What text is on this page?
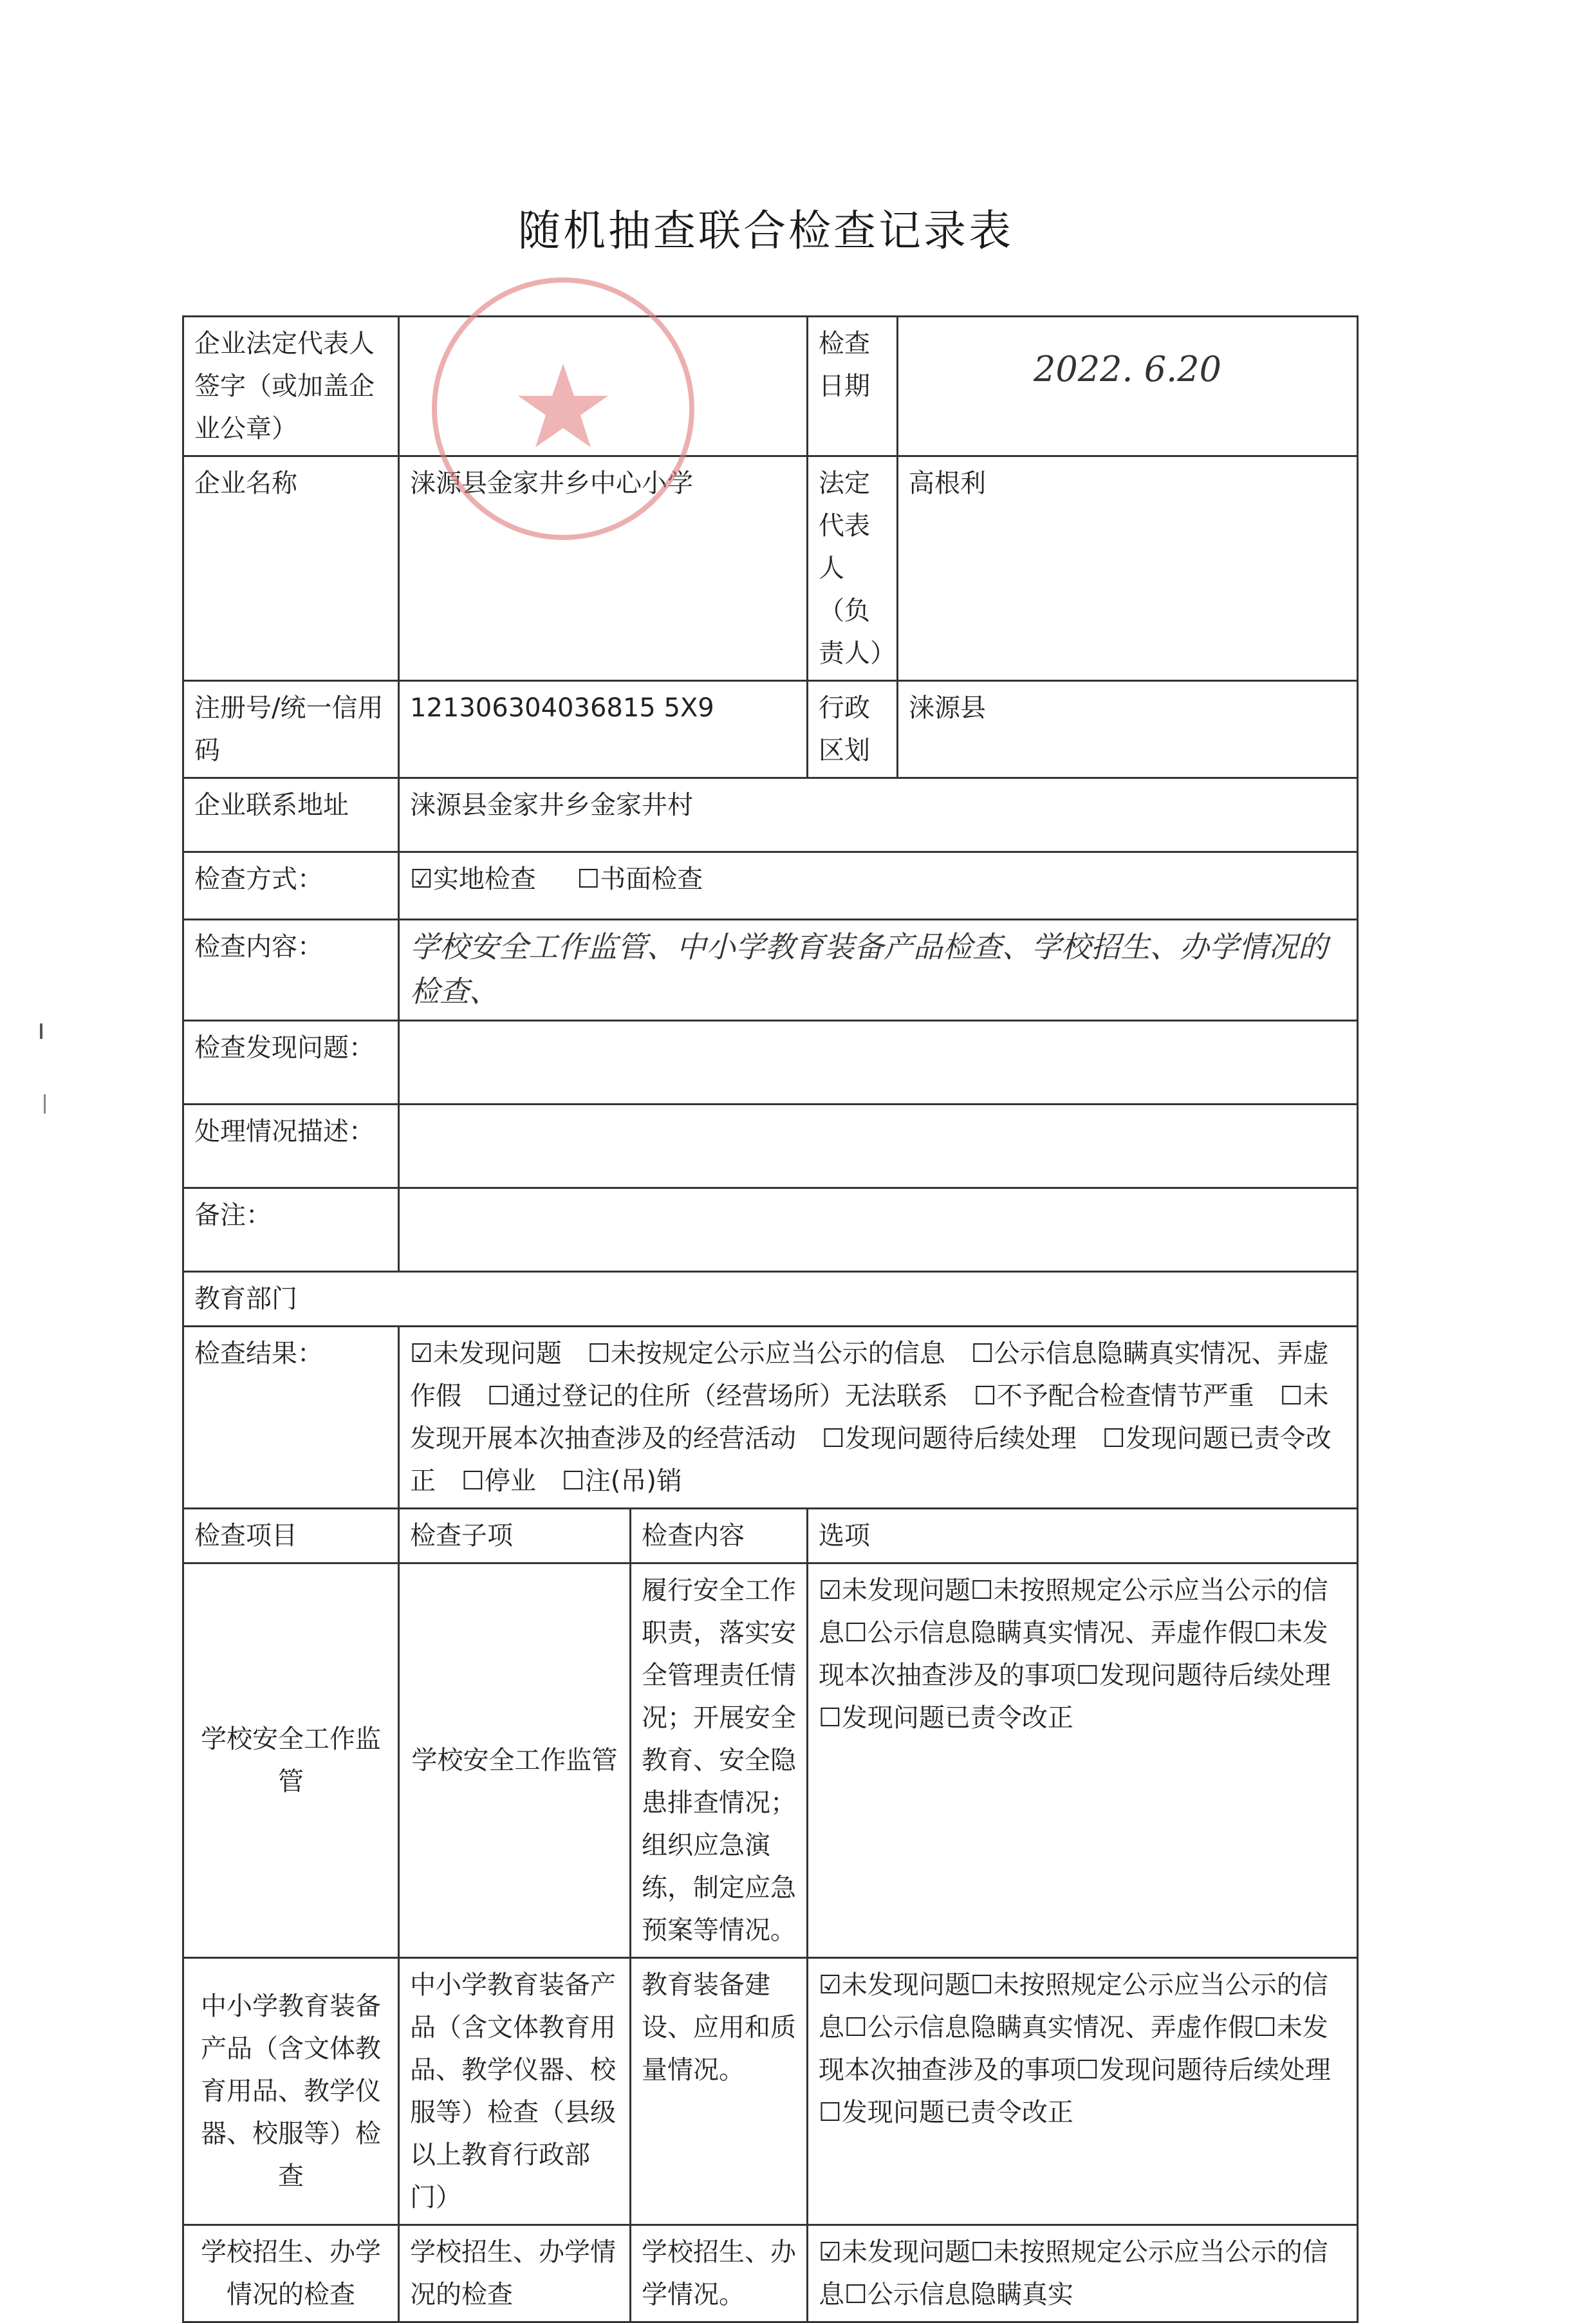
随机抽查联合检查记录表
企业法定代表人签字（或加盖企业公章）			检查日期	2022. 6.20

企业名称	涞源县金家井乡中心小学		法定代表人（负责人）	高根利
注册号/统一信用码	121306304036815 5X9		行政区划	涞源县
企业联系地址	涞源县金家井乡金家井村			
检查方式：	☑实地检查 ☐书面检查			
检查内容：	学校安全工作监管、中小学教育装备产品检查、学校招生、办学情况的检查、			
检查发现问题：				
处理情况描述：				
备注：				
教育部门				
检查结果：	☑未发现问题　☐未按规定公示应当公示的信息　☐公示信息隐瞒真实情况、弄虚作假　☐通过登记的住所（经营场所）无法联系　☐不予配合检查情节严重　☐未发现开展本次抽查涉及的经营活动　☐发现问题待后续处理　☐发现问题已责令改正　☐停业　☐注(吊)销			
检查项目	检查子项	检查内容	选项	
学校安全工作监管	学校安全工作监管	履行安全工作职责，落实安全管理责任情况；开展安全教育、安全隐患排查情况；组织应急演练，制定应急预案等情况。	☑未发现问题☐未按照规定公示应当公示的信息☐公示信息隐瞒真实情况、弄虚作假☐未发现本次抽查涉及的事项☐发现问题待后续处理☐发现问题已责令改正	
中小学教育装备产品（含文体教育用品、教学仪器、校服等）检查	中小学教育装备产品（含文体教育用品、教学仪器、校服等）检查（县级以上教育行政部门）	教育装备建设、应用和质量情况。	☑未发现问题☐未按照规定公示应当公示的信息☐公示信息隐瞒真实情况、弄虚作假☐未发现本次抽查涉及的事项☐发现问题待后续处理☐发现问题已责令改正	
学校招生、办学情况的检查	学校招生、办学情况的检查	学校招生、办学情况。	☑未发现问题☐未按照规定公示应当公示的信息☐公示信息隐瞒真实	
